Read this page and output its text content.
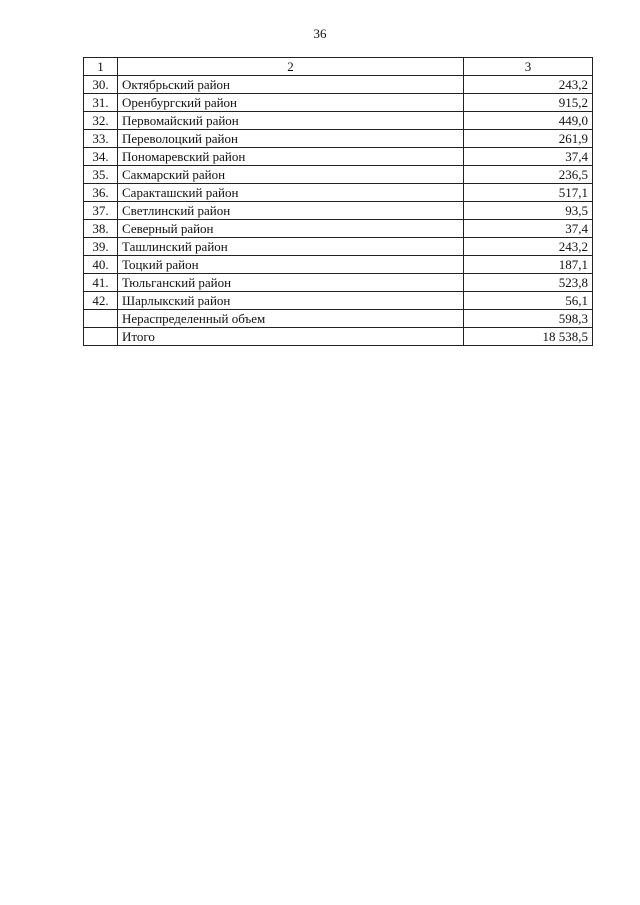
36
1	2	3
30.	Октябрьский район	243,2
31.	Оренбургский район	915,2
32.	Первомайский район	449,0
33.	Переволоцкий район	261,9
34.	Пономаревский район	37,4
35.	Сакмарский район	236,5
36.	Саракташский район	517,1
37.	Светлинский район	93,5
38.	Северный район	37,4
39.	Ташлинский район	243,2
40.	Тоцкий район	187,1
41.	Тюльганский район	523,8
42.	Шарлыкский район	56,1
	Нераспределенный объем	598,3
	Итого	18 538,5
